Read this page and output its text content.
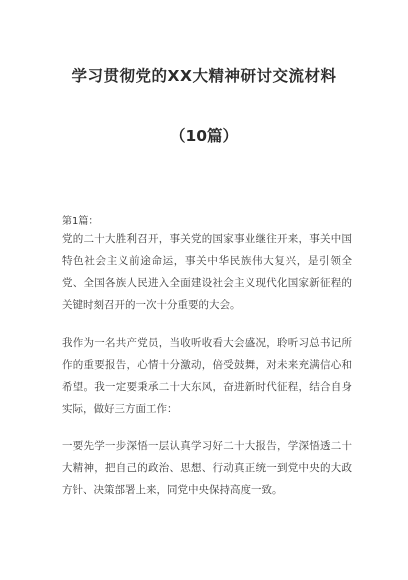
学习贯彻党的XX大精神研讨交流材料
（10篇）
第1篇：
党的二十大胜利召开，事关党的国家事业继往开来，事关中国特色社会主义前途命运，事关中华民族伟大复兴，是引领全党、全国各族人民进入全面建设社会主义现代化国家新征程的关键时刻召开的一次十分重要的大会。
我作为一名共产党员，当收听收看大会盛况，聆听习总书记所作的重要报告，心情十分激动，倍受鼓舞，对未来充满信心和希望。我一定要秉承二十大东风，奋进新时代征程，结合自身实际，做好三方面工作：
一要先学一步深悟一层认真学习好二十大报告，学深悟透二十大精神，把自己的政治、思想、行动真正统一到党中央的大政方针、决策部署上来，同党中央保持高度一致。
